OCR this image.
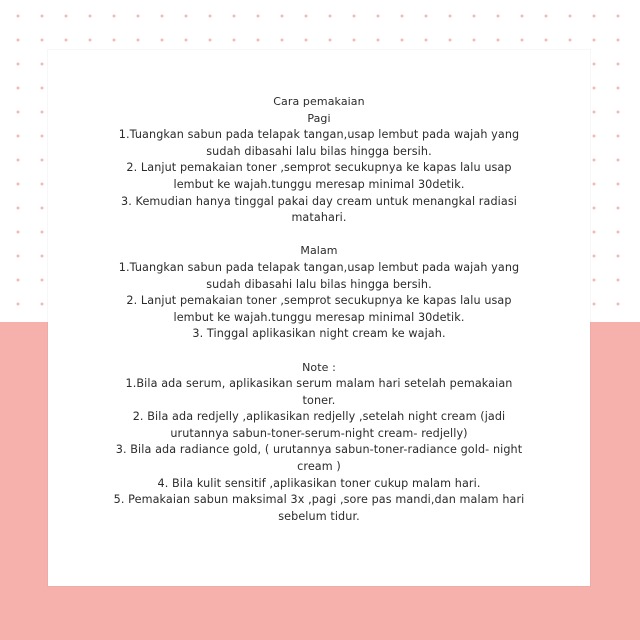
Cara pemakaian
Pagi
1.Tuangkan sabun pada telapak tangan,usap lembut pada wajah yang
sudah dibasahi lalu bilas hingga bersih.
2. Lanjut pemakaian toner ,semprot secukupnya ke kapas lalu usap
lembut ke wajah.tunggu meresap minimal 30detik.
3. Kemudian hanya tinggal pakai day cream untuk menangkal radiasi
matahari.
Malam
1.Tuangkan sabun pada telapak tangan,usap lembut pada wajah yang
sudah dibasahi lalu bilas hingga bersih.
2. Lanjut pemakaian toner ,semprot secukupnya ke kapas lalu usap
lembut ke wajah.tunggu meresap minimal 30detik.
3. Tinggal aplikasikan night cream ke wajah.
Note :
1.Bila ada serum, aplikasikan serum malam hari setelah pemakaian
toner.
2. Bila ada redjelly ,aplikasikan redjelly ,setelah night cream (jadi
urutannya sabun-toner-serum-night cream- redjelly)
3. Bila ada radiance gold, ( urutannya sabun-toner-radiance gold- night
cream )
4. Bila kulit sensitif ,aplikasikan toner cukup malam hari.
5. Pemakaian sabun maksimal 3x ,pagi ,sore pas mandi,dan malam hari
sebelum tidur.
